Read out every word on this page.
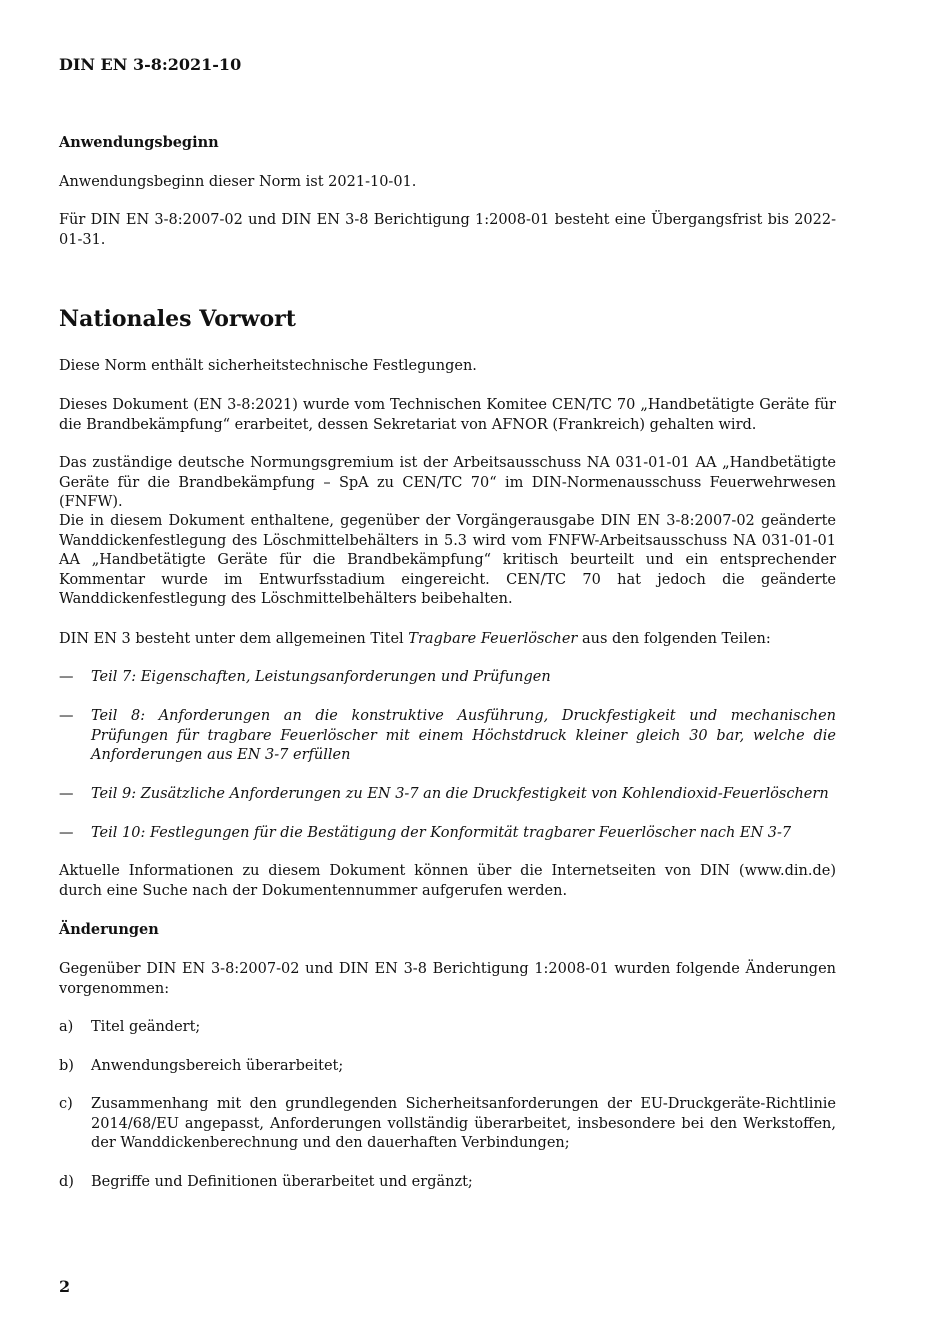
DIN EN 3-8:2021-10
Anwendungsbeginn

Anwendungsbeginn dieser Norm ist 2021-10-01.

Für DIN EN 3-8:2007-02 und DIN EN 3-8 Berichtigung 1:2008-01 besteht eine Übergangsfrist bis 2022-01-31.

Nationales Vorwort

Diese Norm enthält sicherheitstechnische Festlegungen.

Dieses Dokument (EN 3-8:2021) wurde vom Technischen Komitee CEN/TC 70 „Handbetätigte Geräte für die Brandbekämpfung“ erarbeitet, dessen Sekretariat von AFNOR (Frankreich) gehalten wird.

Das zuständige deutsche Normungsgremium ist der Arbeitsausschuss NA 031-01-01 AA „Handbetätigte Geräte für die Brandbekämpfung – SpA zu CEN/TC 70“ im DIN-Normenausschuss Feuerwehrwesen (FNFW).

Die in diesem Dokument enthaltene, gegenüber der Vorgängerausgabe DIN EN 3-8:2007-02 geänderte Wanddickenfestlegung des Löschmittelbehälters in 5.3 wird vom FNFW-Arbeitsausschuss NA 031-01-01 AA „Handbetätigte Geräte für die Brandbekämpfung“ kritisch beurteilt und ein entsprechender Kommentar wurde im Entwurfsstadium eingereicht. CEN/TC 70 hat jedoch die geänderte Wanddickenfestlegung des Löschmittelbehälters beibehalten.

DIN EN 3 besteht unter dem allgemeinen Titel Tragbare Feuerlöscher aus den folgenden Teilen:

— Teil 7: Eigenschaften, Leistungsanforderungen und Prüfungen
— Teil 8: Anforderungen an die konstruktive Ausführung, Druckfestigkeit und mechanischen Prüfungen für tragbare Feuerlöscher mit einem Höchstdruck kleiner gleich 30 bar, welche die Anforderungen aus EN 3-7 erfüllen
— Teil 9: Zusätzliche Anforderungen zu EN 3-7 an die Druckfestigkeit von Kohlendioxid-Feuerlöschern
— Teil 10: Festlegungen für die Bestätigung der Konformität tragbarer Feuerlöscher nach EN 3-7

Aktuelle Informationen zu diesem Dokument können über die Internetseiten von DIN (www.din.de) durch eine Suche nach der Dokumentennummer aufgerufen werden.

Änderungen

Gegenüber DIN EN 3-8:2007-02 und DIN EN 3-8 Berichtigung 1:2008-01 wurden folgende Änderungen vorgenommen:

a) Titel geändert;
b) Anwendungsbereich überarbeitet;
c) Zusammenhang mit den grundlegenden Sicherheitsanforderungen der EU-Druckgeräte-Richtlinie 2014/68/EU angepasst, Anforderungen vollständig überarbeitet, insbesondere bei den Werkstoffen, der Wanddickenberechnung und den dauerhaften Verbindungen;
d) Begriffe und Definitionen überarbeitet und ergänzt;
2
